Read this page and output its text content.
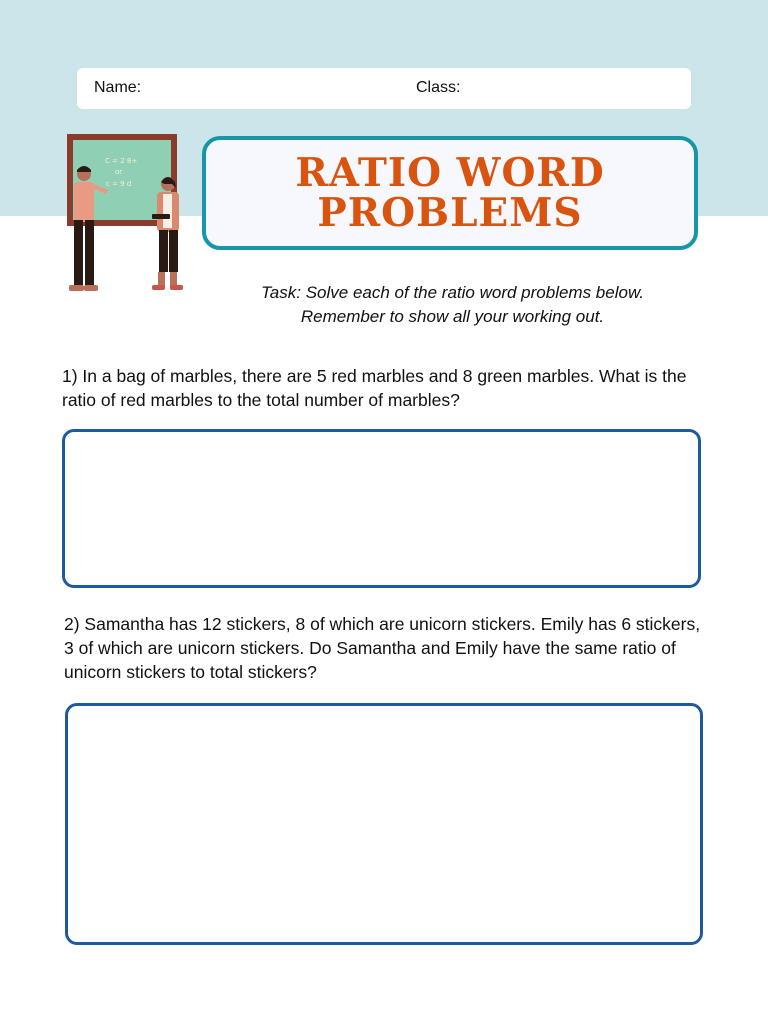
Name:	Class:
C = 2 8+
or
c = 9 d	RATIO WORD
PROBLEMS
Task: Solve each of the ratio word problems below.
Remember to show all your working out.
1) In a bag of marbles, there are 5 red marbles and 8 green marbles. What is the ratio of red marbles to the total number of marbles?
2) Samantha has 12 stickers, 8 of which are unicorn stickers. Emily has 6 stickers, 3 of which are unicorn stickers. Do Samantha and Emily have the same ratio of unicorn stickers to total stickers?
